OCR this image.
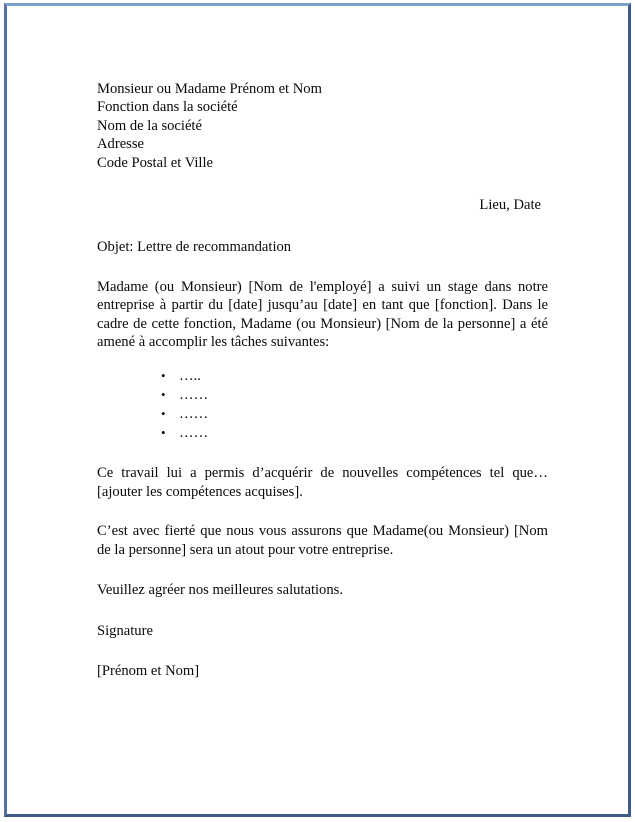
Monsieur ou Madame Prénom et Nom
Fonction dans la société
Nom de la société
Adresse
Code Postal et Ville
Lieu, Date
Objet: Lettre de recommandation
Madame (ou Monsieur) [Nom de l'employé] a suivi un stage dans notre entreprise à partir du [date] jusqu’au [date] en tant que [fonction]. Dans le cadre de cette fonction, Madame (ou Monsieur) [Nom de la personne] a été amené à accomplir les tâches suivantes:
• …..
• ……
• ……
• ……
Ce travail lui a permis d’acquérir de nouvelles compétences tel que…[ajouter les compétences acquises].
C’est avec fierté que nous vous assurons que Madame(ou Monsieur) [Nom de la personne] sera un atout pour votre entreprise.
Veuillez agréer nos meilleures salutations.
Signature
[Prénom et Nom]
